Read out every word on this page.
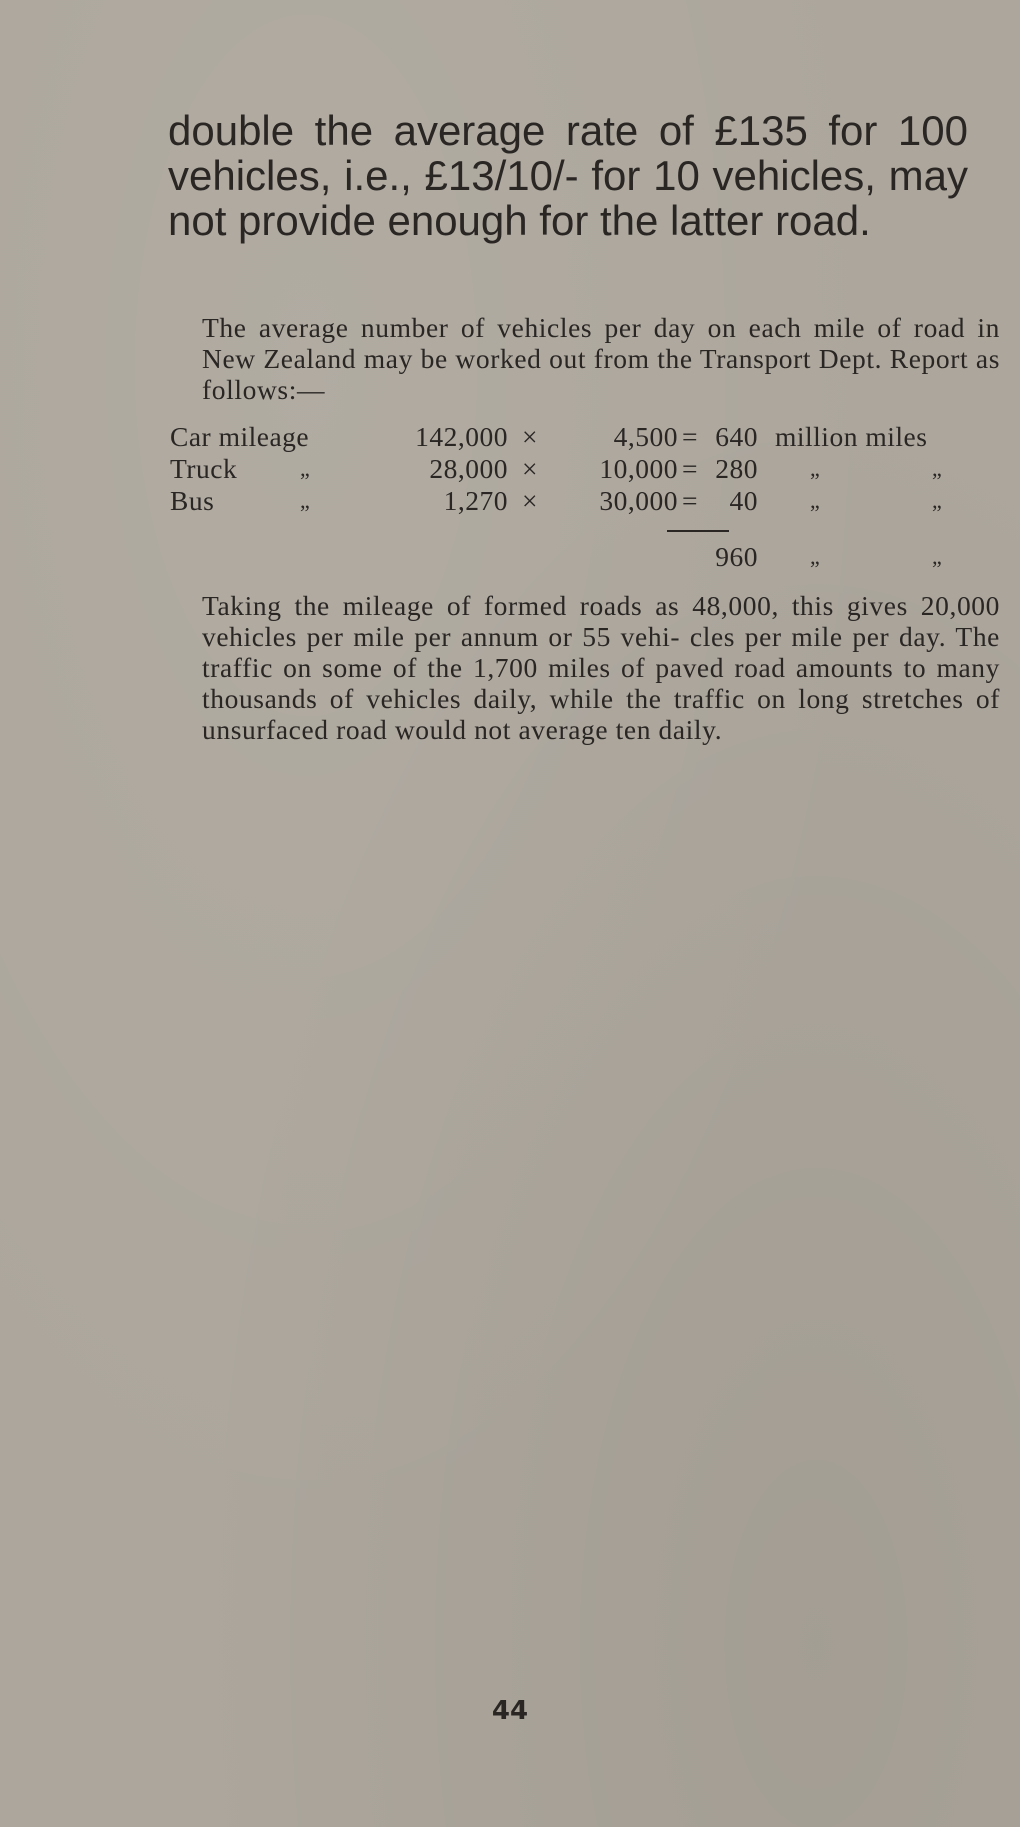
double the average rate of £135 for 100 vehicles, i.e., £13/10/- for 10 vehicles, may not provide enough for the latter road.

The average number of vehicles per day on each mile of road in New Zealand may be worked out from the Transport Dept. Report as follows:—

Car mileage	142,000 ×	4,500 = 640 million miles
Truck	„	28,000 × 10,000 = 280 „	„
Bus	„	1,270 × 30,000 = 40 „	„
960 „	„

Taking the mileage of formed roads as 48,000, this gives 20,000 vehicles per mile per annum or 55 vehi- cles per mile per day. The traffic on some of the 1,700 miles of paved road amounts to many thousands of vehicles daily, while the traffic on long stretches of unsurfaced road would not average ten daily.

44
